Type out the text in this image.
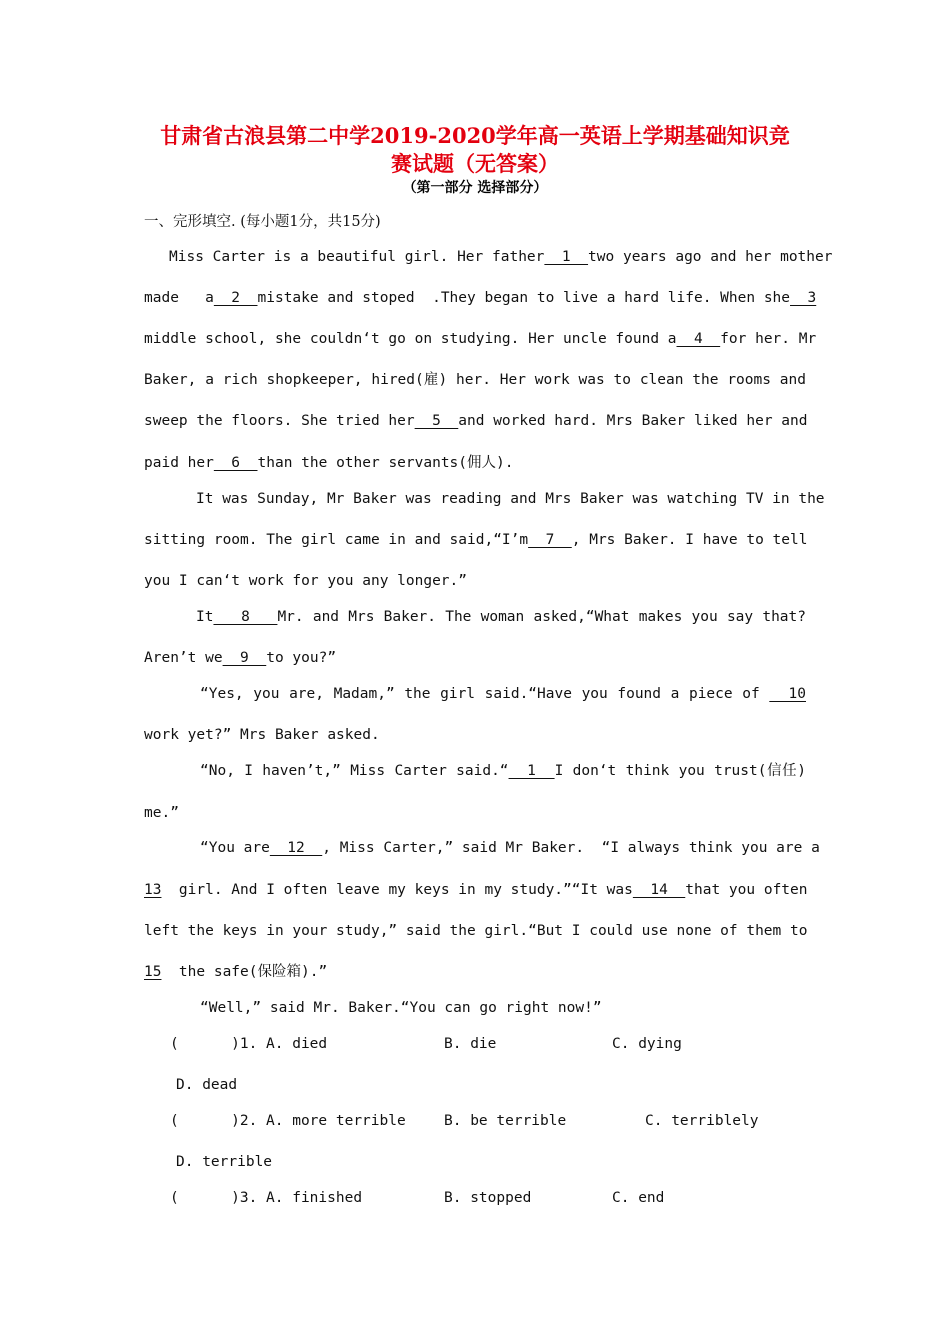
甘肃省古浪县第二中学2019-2020学年高一英语上学期基础知识竞
赛试题（无答案）
（第一部分 选择部分）
一、完形填空. (每小题1分，共15分)
Miss Carter is a beautiful girl. Her father  1  two years ago and her mother
made   a  2  mistake and stoped  .They began to live a hard life. When she  3
middle school, she couldn‘t go on studying. Her uncle found a  4  for her. Mr
Baker, a rich shopkeeper, hired(雇) her. Her work was to clean the rooms and
sweep the floors. She tried her  5  and worked hard. Mrs Baker liked her and
paid her  6  than the other servants(佣人).
It was Sunday, Mr Baker was reading and Mrs Baker was watching TV in the
sitting room. The girl came in and said,“I’m  7  , Mrs Baker. I have to tell
you I can‘t work for you any longer.”
It   8   Mr. and Mrs Baker. The woman asked,“What makes you say that?
Aren’t we  9  to you?”
“Yes, you are, Madam,” the girl said.“Have you found a piece of   10
work yet?” Mrs Baker asked.
“No, I haven’t,” Miss Carter said.“  1  I don‘t think you trust(信任)
me.”
“You are  12  , Miss Carter,” said Mr Baker.  “I always think you are a
13  girl. And I often leave my keys in my study.”“It was  14  that you often
left the keys in your study,” said the girl.“But I could use none of them to
15  the safe(保险箱).”
“Well,” said Mr. Baker.“You can go right now!”
(      )1. A. died	B. die	C. dying
D. dead
(      )2. A. more terrible	B. be terrible	C. terriblely
D. terrible
(      )3. A. finished	B. stopped	C. end
